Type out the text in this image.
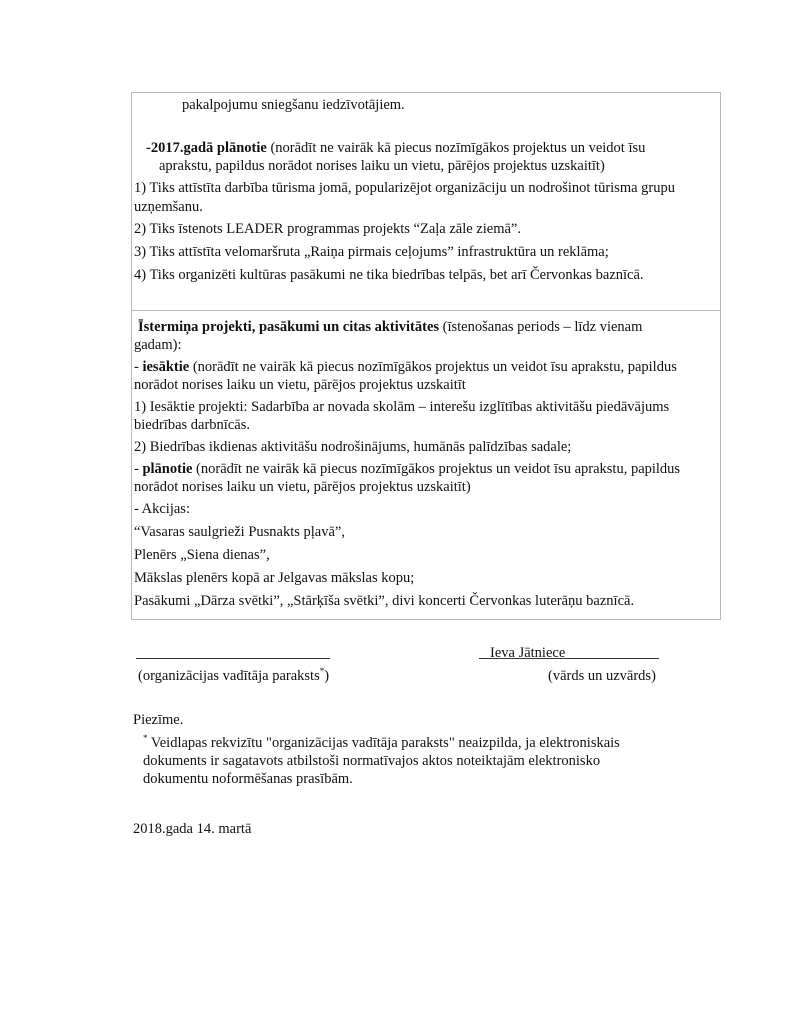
pakalpojumu sniegšanu iedzīvotājiem.
-2017.gadā plānotie (norādīt ne vairāk kā piecus nozīmīgākos projektus un veidot īsu
aprakstu, papildus norādot norises laiku un vietu, pārējos projektus uzskaitīt)
1) Tiks attīstīta darbība tūrisma jomā, popularizējot organizāciju un nodrošinot tūrisma grupu
uzņemšanu.
2) Tiks īstenots LEADER programmas projekts “Zaļa zāle ziemā”.
3) Tiks attīstīta velomaršruta „Raiņa pirmais ceļojums” infrastruktūra un reklāma;
4) Tiks organizēti kultūras pasākumi ne tika biedrības telpās, bet arī Červonkas baznīcā.
Īstermiņa projekti, pasākumi un citas aktivitātes (īstenošanas periods – līdz vienam
gadam):
- iesāktie (norādīt ne vairāk kā piecus nozīmīgākos projektus un veidot īsu aprakstu, papildus
norādot norises laiku un vietu, pārējos projektus uzskaitīt
1) Iesāktie projekti: Sadarbība ar novada skolām – interešu izglītības aktivitāšu piedāvājums
biedrības darbnīcās.
2) Biedrības ikdienas aktivitāšu nodrošinājums, humānās palīdzības sadale;
- plānotie (norādīt ne vairāk kā piecus nozīmīgākos projektus un veidot īsu aprakstu, papildus
norādot norises laiku un vietu, pārējos projektus uzskaitīt)
- Akcijas:
“Vasaras saulgrieži Pusnakts pļavā”,
Plenērs „Siena dienas”,
Mākslas plenērs kopā ar Jelgavas mākslas kopu;
Pasākumi „Dārza svētki”, „Stārķīša svētki”, divi koncerti Červonkas luterāņu baznīcā.
Ieva Jātniece
(organizācijas vadītāja paraksts*)	(vārds un uzvārds)
Piezīme.
* Veidlapas rekvizītu "organizācijas vadītāja paraksts" neaizpilda, ja elektroniskais
dokuments ir sagatavots atbilstoši normatīvajos aktos noteiktajām elektronisko
dokumentu noformēšanas prasībām.
2018.gada 14. martā
